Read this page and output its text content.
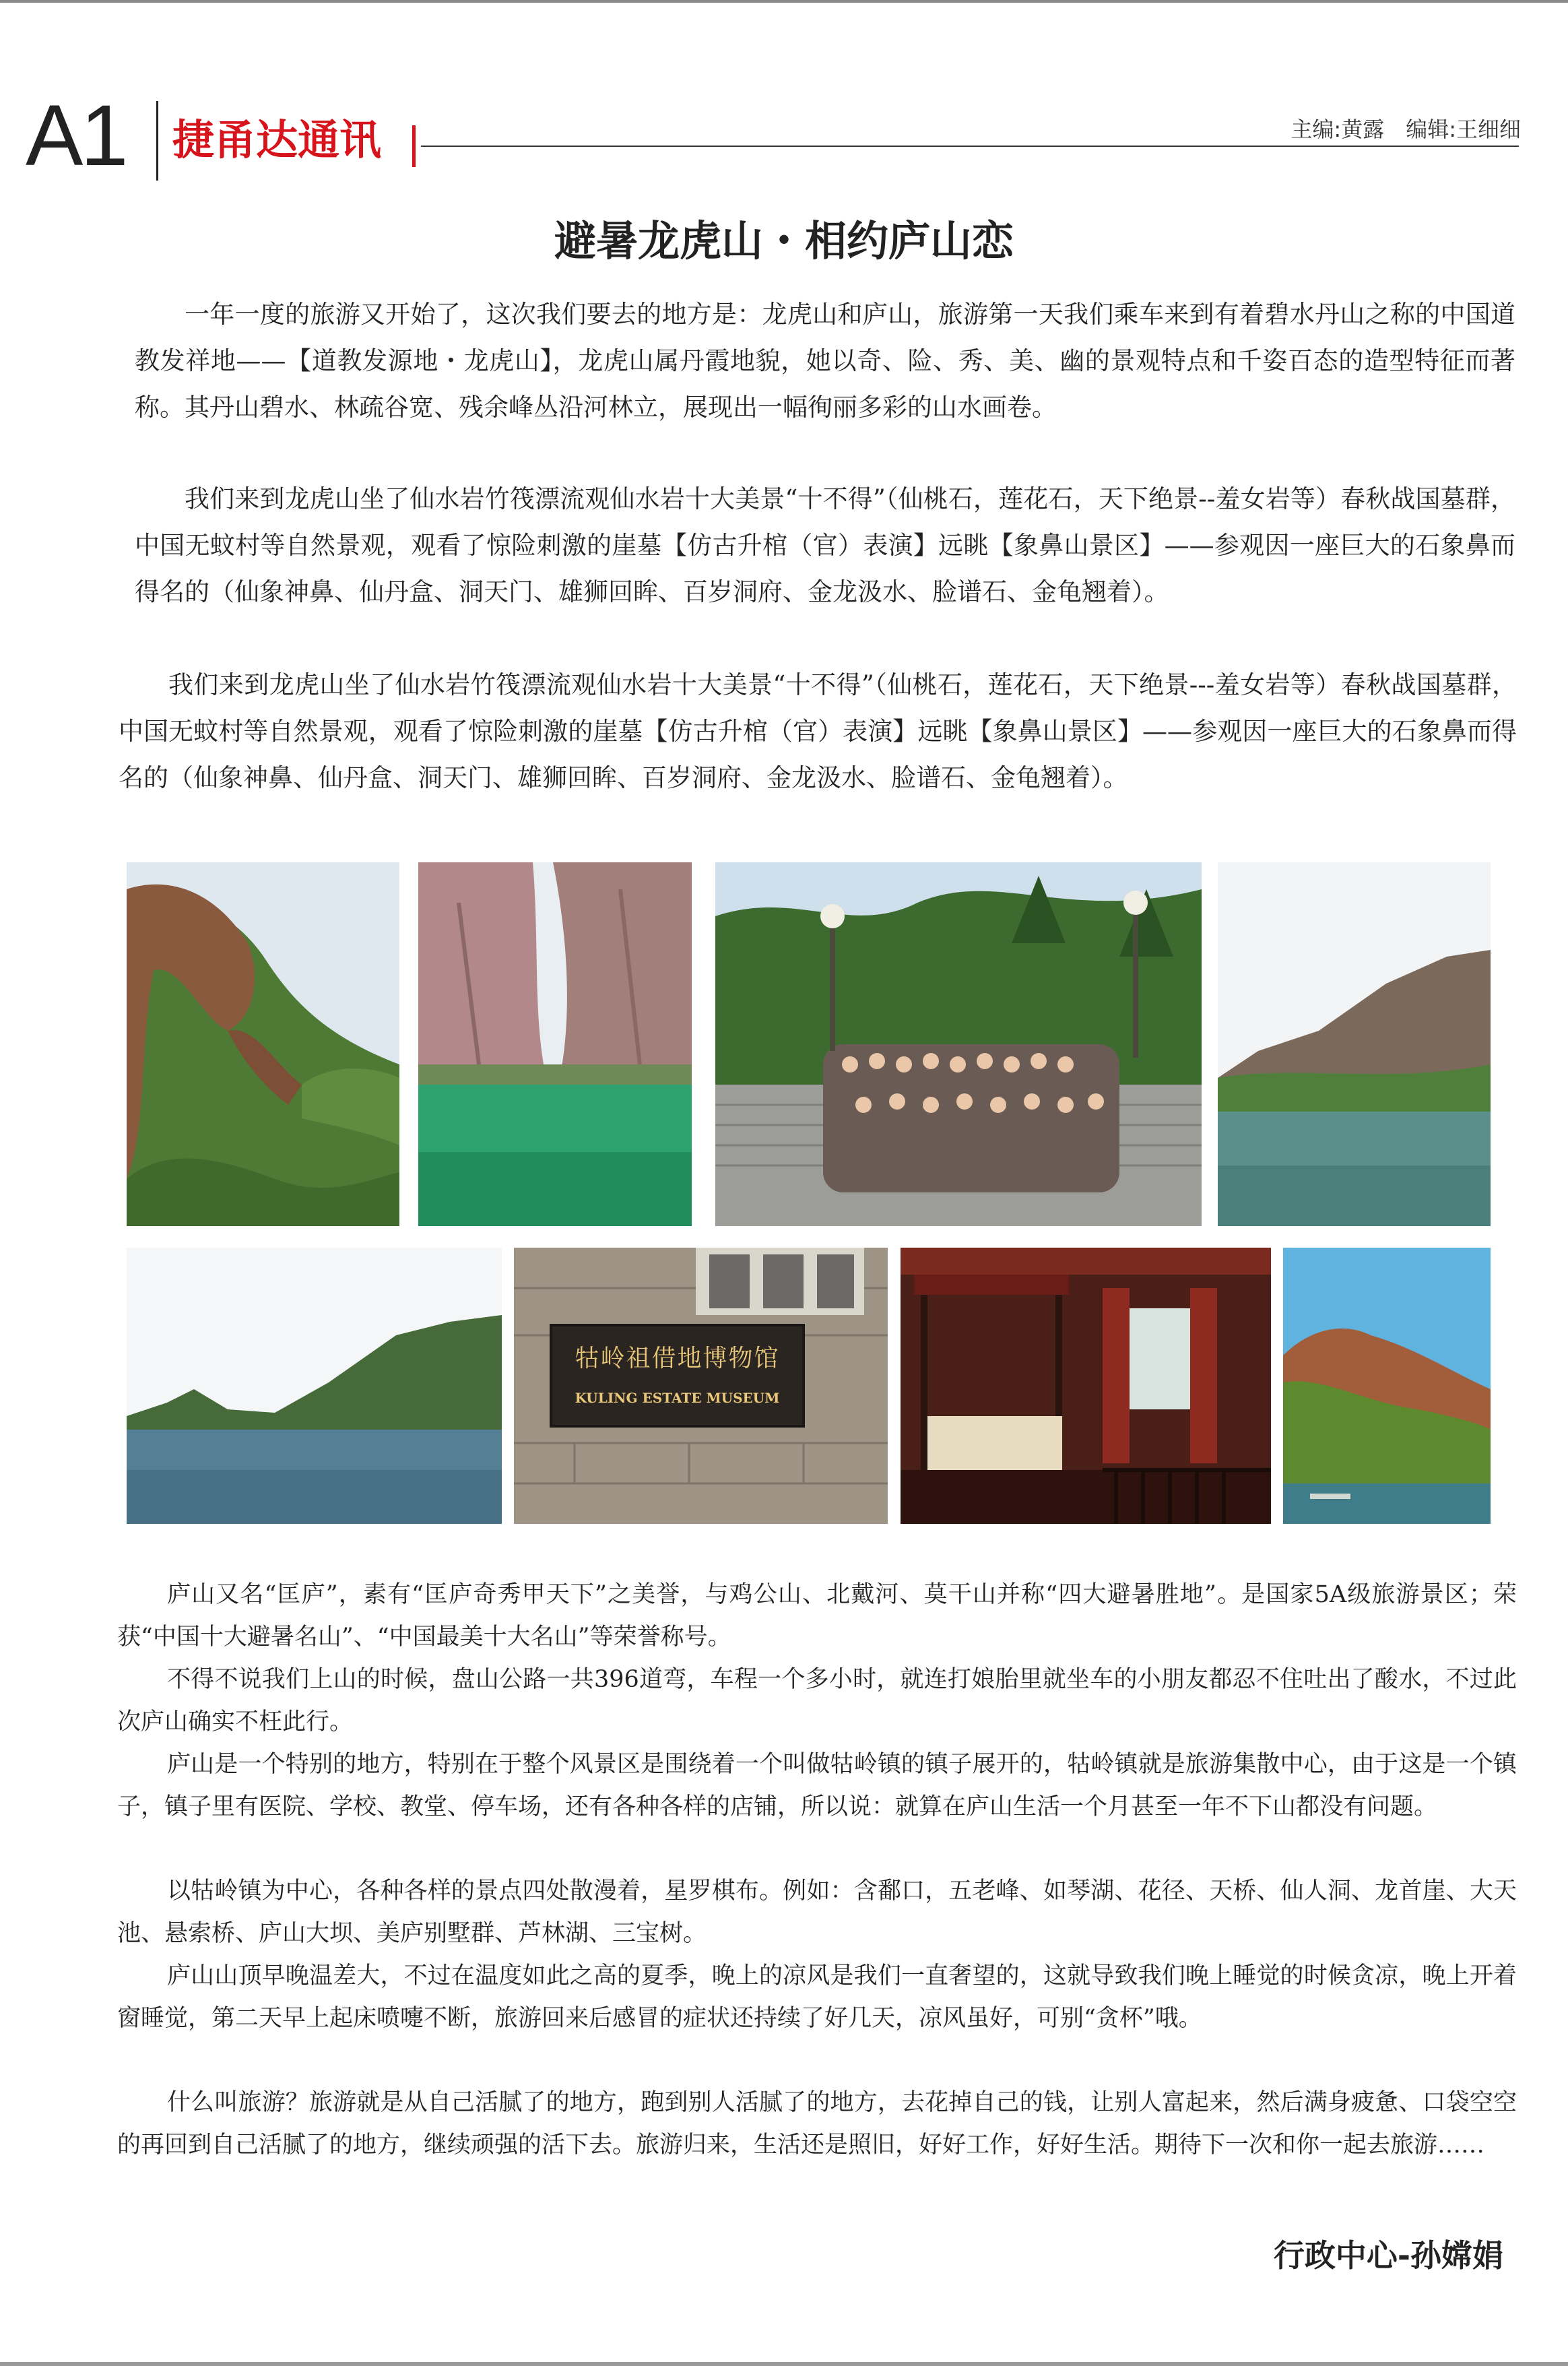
A1 捷甬达通讯	主编:黄露 编辑:王细细
避暑龙虎山・相约庐山恋

一年一度的旅游又开始了，这次我们要去的地方是：龙虎山和庐山，旅游第一天我们乘车来到有着碧水丹山之称的中国道教发祥地——【道教发源地・龙虎山】，龙虎山属丹霞地貌，她以奇、险、秀、美、幽的景观特点和千姿百态的造型特征而著称。其丹山碧水、林疏谷宽、残余峰丛沿河林立，展现出一幅徇丽多彩的山水画卷。

我们来到龙虎山坐了仙水岩竹筏漂流观仙水岩十大美景“十不得”（仙桃石，莲花石，天下绝景--羞女岩等）春秋战国墓群，中国无蚊村等自然景观，观看了惊险刺激的崖墓【仿古升棺（官）表演】远眺【象鼻山景区】——参观因一座巨大的石象鼻而得名的（仙象神鼻、仙丹盒、洞天门、雄狮回眸、百岁洞府、金龙汲水、脸谱石、金龟翘着）。

我们来到龙虎山坐了仙水岩竹筏漂流观仙水岩十大美景“十不得”（仙桃石，莲花石，天下绝景---羞女岩等）春秋战国墓群，中国无蚊村等自然景观，观看了惊险刺激的崖墓【仿古升棺（官）表演】远眺【象鼻山景区】——参观因一座巨大的石象鼻而得名的（仙象神鼻、仙丹盒、洞天门、雄狮回眸、百岁洞府、金龙汲水、脸谱石、金龟翘着）。

牯岭祖借地博物馆
KULING ESTATE MUSEUM

庐山又名“匡庐”，素有“匡庐奇秀甲天下”之美誉，与鸡公山、北戴河、莫干山并称“四大避暑胜地”。是国家5A级旅游景区；荣获“中国十大避暑名山”、“中国最美十大名山”等荣誉称号。

不得不说我们上山的时候，盘山公路一共396道弯，车程一个多小时，就连打娘胎里就坐车的小朋友都忍不住吐出了酸水，不过此次庐山确实不枉此行。

庐山是一个特别的地方，特别在于整个风景区是围绕着一个叫做牯岭镇的镇子展开的，牯岭镇就是旅游集散中心，由于这是一个镇子，镇子里有医院、学校、教堂、停车场，还有各种各样的店铺，所以说：就算在庐山生活一个月甚至一年不下山都没有问题。

以牯岭镇为中心，各种各样的景点四处散漫着，星罗棋布。例如：含鄱口，五老峰、如琴湖、花径、天桥、仙人洞、龙首崖、大天池、悬索桥、庐山大坝、美庐别墅群、芦林湖、三宝树。

庐山山顶早晚温差大，不过在温度如此之高的夏季，晚上的凉风是我们一直奢望的，这就导致我们晚上睡觉的时候贪凉，晚上开着窗睡觉，第二天早上起床喷嚏不断，旅游回来后感冒的症状还持续了好几天，凉风虽好，可别“贪杯”哦。

什么叫旅游？旅游就是从自己活腻了的地方，跑到别人活腻了的地方，去花掉自己的钱，让别人富起来，然后满身疲惫、口袋空空的再回到自己活腻了的地方，继续顽强的活下去。旅游归来，生活还是照旧，好好工作，好好生活。期待下一次和你一起去旅游……

行政中心-孙嫦娟
